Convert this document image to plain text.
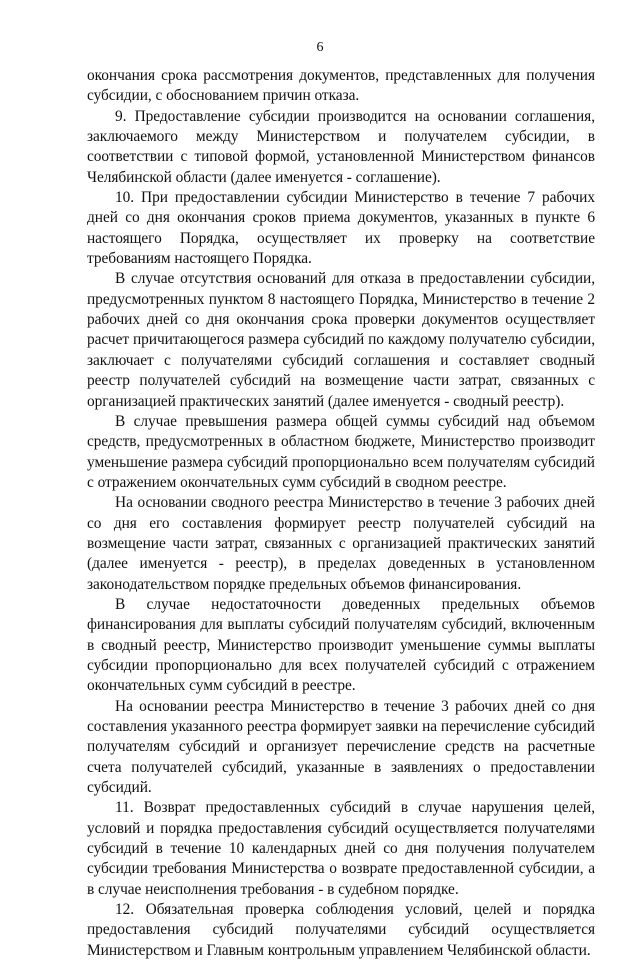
6

окончания срока рассмотрения документов, представленных для получения субсидии, с обоснованием причин отказа.

9. Предоставление субсидии производится на основании соглашения, заключаемого между Министерством и получателем субсидии, в соответствии с типовой формой, установленной Министерством финансов Челябинской области (далее именуется - соглашение).

10. При предоставлении субсидии Министерство в течение 7 рабочих дней со дня окончания сроков приема документов, указанных в пункте 6 настоящего Порядка, осуществляет их проверку на соответствие требованиям настоящего Порядка.

В случае отсутствия оснований для отказа в предоставлении субсидии, предусмотренных пунктом 8 настоящего Порядка, Министерство в течение 2 рабочих дней со дня окончания срока проверки документов осуществляет расчет причитающегося размера субсидий по каждому получателю субсидии, заключает с получателями субсидий соглашения и составляет сводный реестр получателей субсидий на возмещение части затрат, связанных с организацией практических занятий (далее именуется - сводный реестр).

В случае превышения размера общей суммы субсидий над объемом средств, предусмотренных в областном бюджете, Министерство производит уменьшение размера субсидий пропорционально всем получателям субсидий с отражением окончательных сумм субсидий в сводном реестре.

На основании сводного реестра Министерство в течение 3 рабочих дней со дня его составления формирует реестр получателей субсидий на возмещение части затрат, связанных с организацией практических занятий (далее именуется - реестр), в пределах доведенных в установленном законодательством порядке предельных объемов финансирования.

В случае недостаточности доведенных предельных объемов финансирования для выплаты субсидий получателям субсидий, включенным в сводный реестр, Министерство производит уменьшение суммы выплаты субсидии пропорционально для всех получателей субсидий с отражением окончательных сумм субсидий в реестре.

На основании реестра Министерство в течение 3 рабочих дней со дня составления указанного реестра формирует заявки на перечисление субсидий получателям субсидий и организует перечисление средств на расчетные счета получателей субсидий, указанные в заявлениях о предоставлении субсидий.

11. Возврат предоставленных субсидий в случае нарушения целей, условий и порядка предоставления субсидий осуществляется получателями субсидий в течение 10 календарных дней со дня получения получателем субсидии требования Министерства о возврате предоставленной субсидии, а в случае неисполнения требования - в судебном порядке.

12. Обязательная проверка соблюдения условий, целей и порядка предоставления субсидий получателями субсидий осуществляется Министерством и Главным контрольным управлением Челябинской области.
